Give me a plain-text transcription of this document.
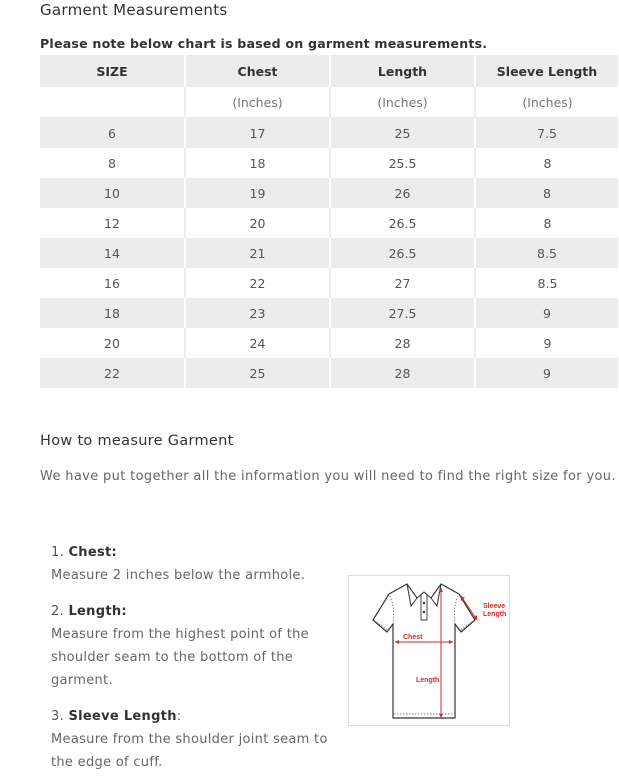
Garment Measurements
Please note below chart is based on garment measurements.
SIZE	Chest	Length	Sleeve Length
	(Inches)	(Inches)	(Inches)
6	17	25	7.5
8	18	25.5	8
10	19	26	8
12	20	26.5	8
14	21	26.5	8.5
16	22	27	8.5
18	23	27.5	9
20	24	28	9
22	25	28	9
How to measure Garment
We have put together all the information you will need to find the right size for you.
1. Chest:
Measure 2 inches below the armhole.
2. Length:
Measure from the highest point of the shoulder seam to the bottom of the garment.
3. Sleeve Length:
Measure from the shoulder joint seam to the edge of cuff.
Chest
Length
Sleeve
Length
